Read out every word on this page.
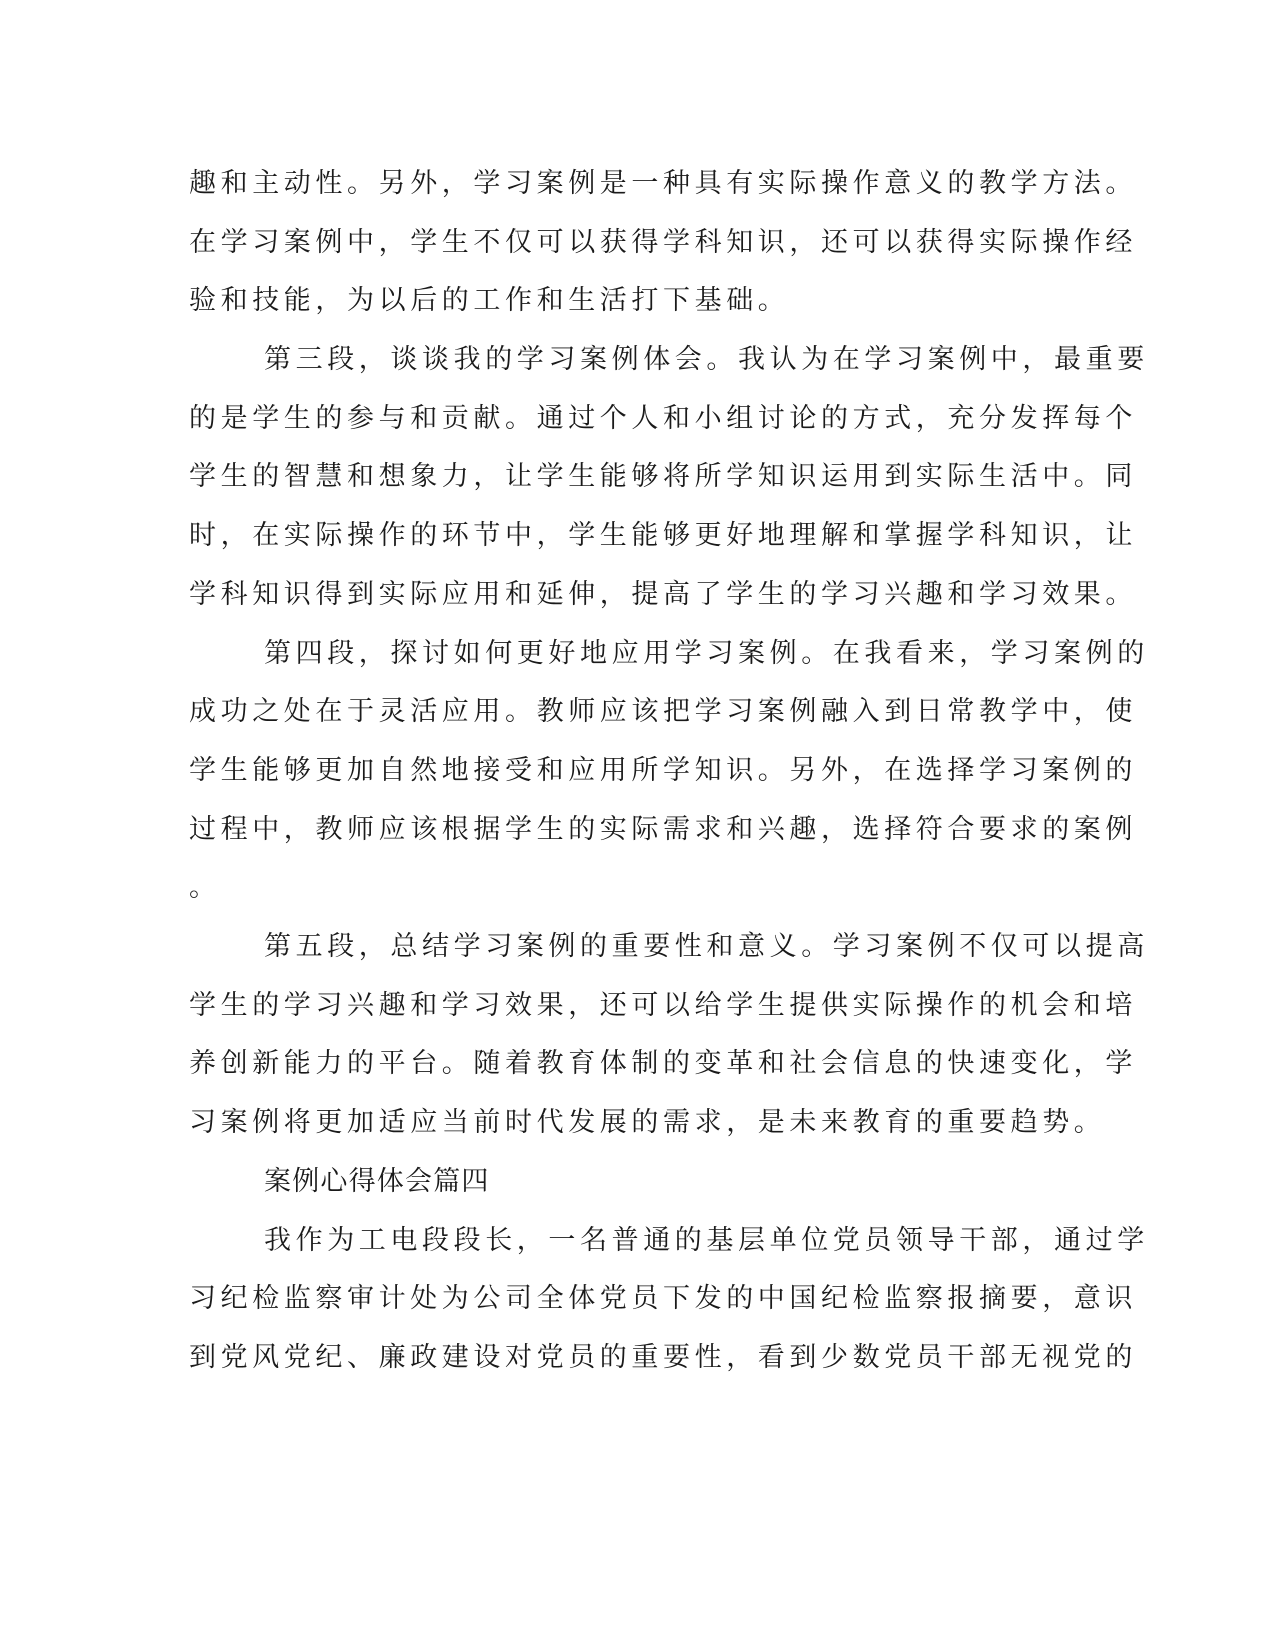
趣和主动性。另外，学习案例是一种具有实际操作意义的教学方法。
在学习案例中，学生不仅可以获得学科知识，还可以获得实际操作经
验和技能，为以后的工作和生活打下基础。
第三段，谈谈我的学习案例体会。我认为在学习案例中，最重要
的是学生的参与和贡献。通过个人和小组讨论的方式，充分发挥每个
学生的智慧和想象力，让学生能够将所学知识运用到实际生活中。同
时，在实际操作的环节中，学生能够更好地理解和掌握学科知识，让
学科知识得到实际应用和延伸，提高了学生的学习兴趣和学习效果。
第四段，探讨如何更好地应用学习案例。在我看来，学习案例的
成功之处在于灵活应用。教师应该把学习案例融入到日常教学中，使
学生能够更加自然地接受和应用所学知识。另外，在选择学习案例的
过程中，教师应该根据学生的实际需求和兴趣，选择符合要求的案例
。
第五段，总结学习案例的重要性和意义。学习案例不仅可以提高
学生的学习兴趣和学习效果，还可以给学生提供实际操作的机会和培
养创新能力的平台。随着教育体制的变革和社会信息的快速变化，学
习案例将更加适应当前时代发展的需求，是未来教育的重要趋势。
案例心得体会篇四
我作为工电段段长，一名普通的基层单位党员领导干部，通过学
习纪检监察审计处为公司全体党员下发的中国纪检监察报摘要，意识
到党风党纪、廉政建设对党员的重要性，看到少数党员干部无视党的
